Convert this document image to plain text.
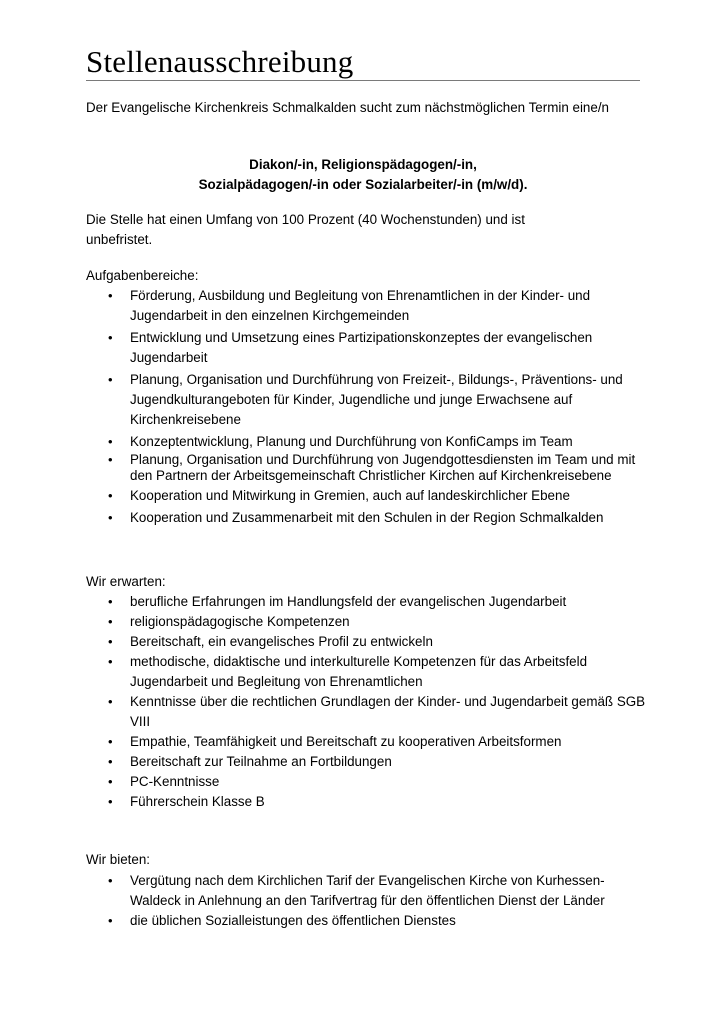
Stellenausschreibung

Der Evangelische Kirchenkreis Schmalkalden sucht zum nächstmöglichen Termin eine/n

Diakon/-in, Religionspädagogen/-in,
Sozialpädagogen/-in oder Sozialarbeiter/-in (m/w/d).

Die Stelle hat einen Umfang von 100 Prozent (40 Wochenstunden) und ist unbefristet.

Aufgabenbereiche:

• Förderung, Ausbildung und Begleitung von Ehrenamtlichen in der Kinder- und Jugendarbeit in den einzelnen Kirchgemeinden
• Entwicklung und Umsetzung eines Partizipationskonzeptes der evangelischen Jugendarbeit
• Planung, Organisation und Durchführung von Freizeit-, Bildungs-, Präventions- und Jugendkulturangeboten für Kinder, Jugendliche und junge Erwachsene auf Kirchenkreisebene
• Konzeptentwicklung, Planung und Durchführung von KonfiCamps im Team
• Planung, Organisation und Durchführung von Jugendgottesdiensten im Team und mit den Partnern der Arbeitsgemeinschaft Christlicher Kirchen auf Kirchenkreisebene
• Kooperation und Mitwirkung in Gremien, auch auf landeskirchlicher Ebene
• Kooperation und Zusammenarbeit mit den Schulen in der Region Schmalkalden

Wir erwarten:

• berufliche Erfahrungen im Handlungsfeld der evangelischen Jugendarbeit
• religionspädagogische Kompetenzen
• Bereitschaft, ein evangelisches Profil zu entwickeln
• methodische, didaktische und interkulturelle Kompetenzen für das Arbeitsfeld Jugendarbeit und Begleitung von Ehrenamtlichen
• Kenntnisse über die rechtlichen Grundlagen der Kinder- und Jugendarbeit gemäß SGB VIII
• Empathie, Teamfähigkeit und Bereitschaft zu kooperativen Arbeitsformen
• Bereitschaft zur Teilnahme an Fortbildungen
• PC-Kenntnisse
• Führerschein Klasse B

Wir bieten:

• Vergütung nach dem Kirchlichen Tarif der Evangelischen Kirche von Kurhessen-Waldeck in Anlehnung an den Tarifvertrag für den öffentlichen Dienst der Länder
• die üblichen Sozialleistungen des öffentlichen Dienstes
